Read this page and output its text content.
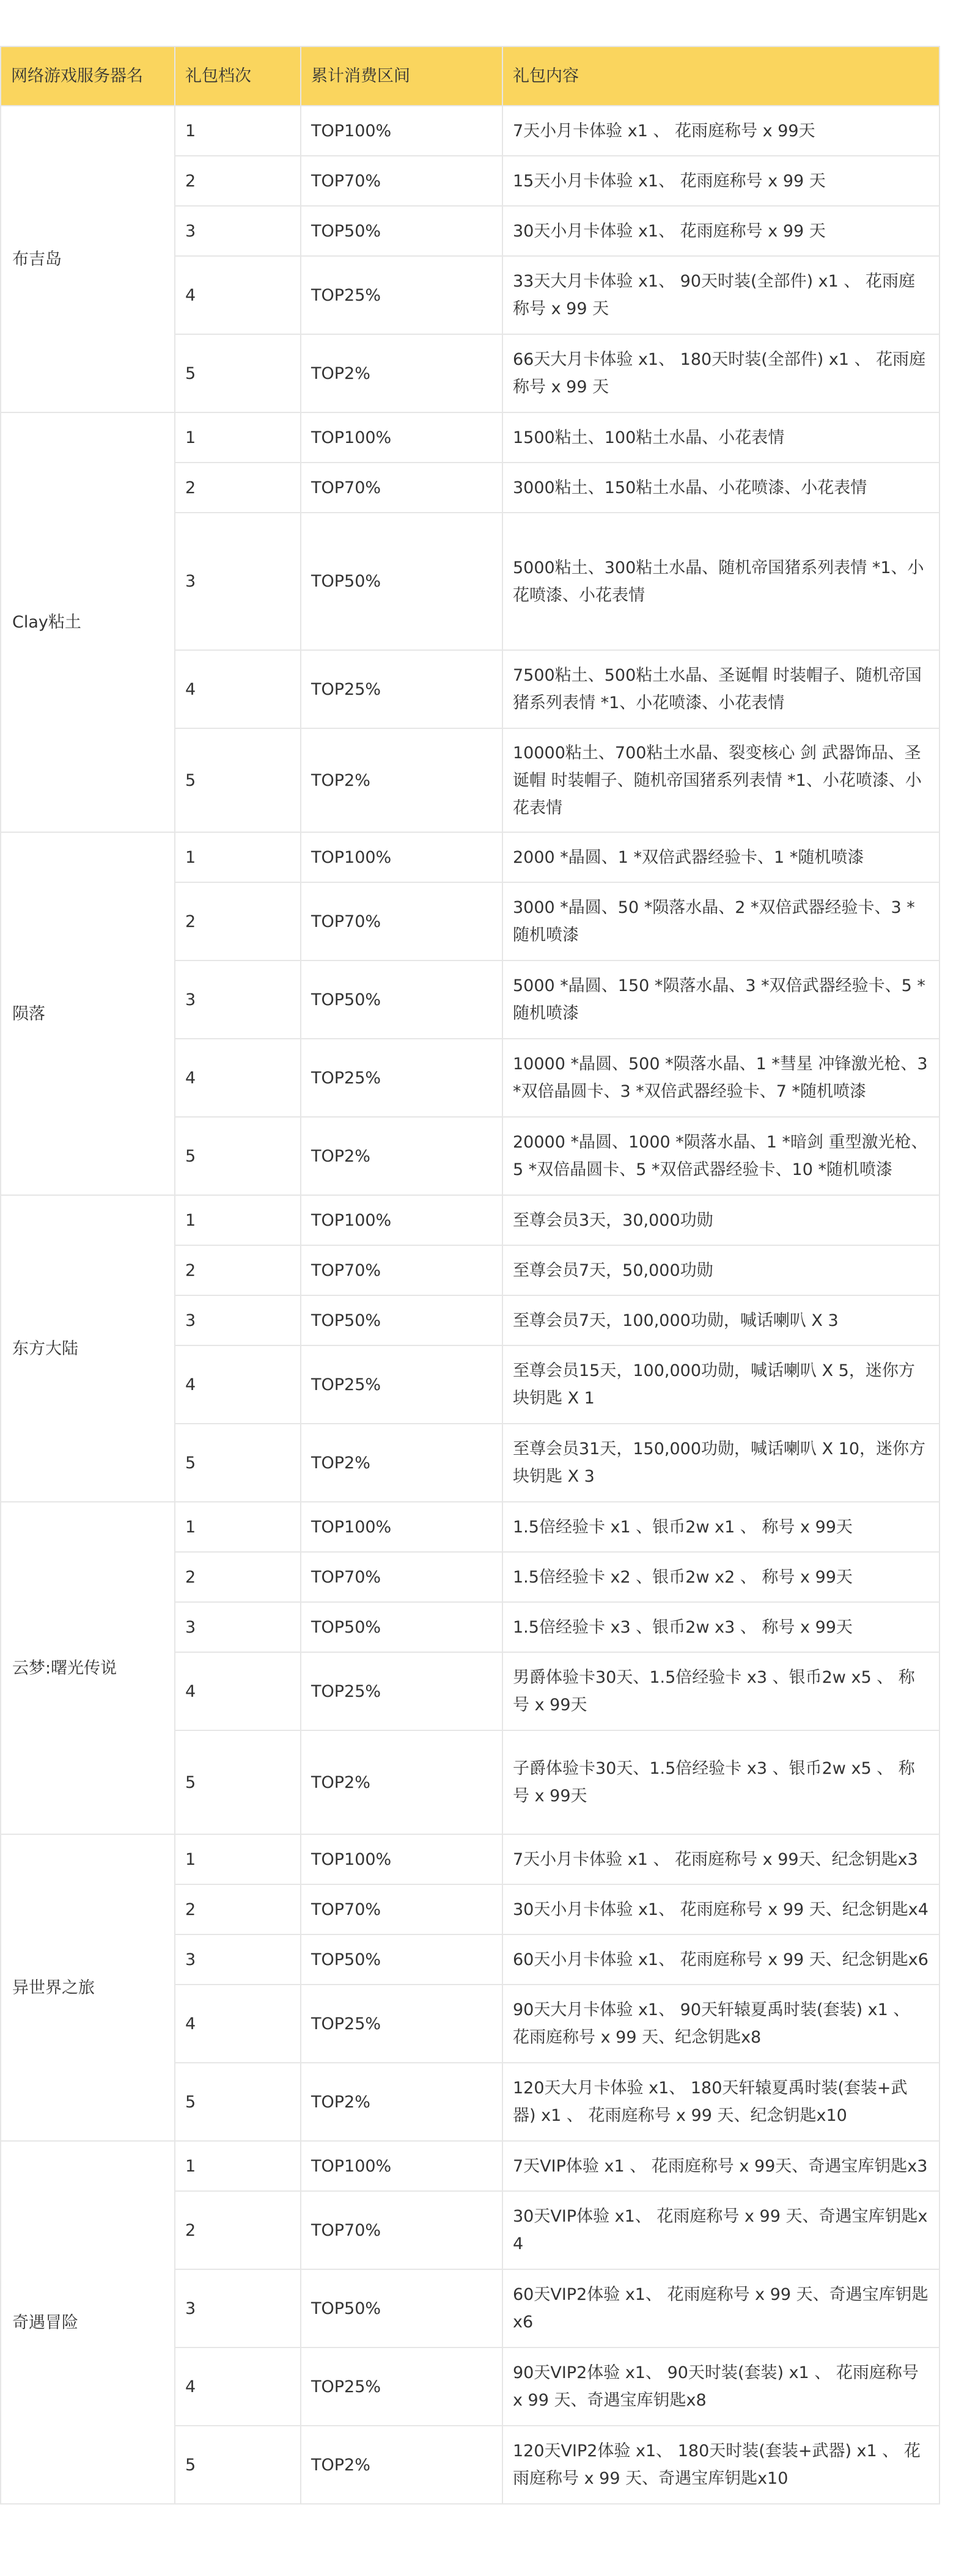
网络游戏服务器名	礼包档次	累计消费区间	礼包内容
布吉岛	1	TOP100%	7天小月卡体验 x1 、 花雨庭称号 x 99天
	2	TOP70%	15天小月卡体验 x1、 花雨庭称号 x 99 天
	3	TOP50%	30天小月卡体验 x1、 花雨庭称号 x 99 天
	4	TOP25%	33天大月卡体验 x1、 90天时装(全部件) x1 、 花雨庭称号 x 99 天
	5	TOP2%	66天大月卡体验 x1、 180天时装(全部件) x1 、 花雨庭称号 x 99 天
Clay粘土	1	TOP100%	1500粘土、100粘土水晶、小花表情
	2	TOP70%	3000粘土、150粘土水晶、小花喷漆、小花表情
	3	TOP50%	5000粘土、300粘土水晶、随机帝国猪系列表情 *1、小花喷漆、小花表情
	4	TOP25%	7500粘土、500粘土水晶、圣诞帽 时装帽子、随机帝国猪系列表情 *1、小花喷漆、小花表情
	5	TOP2%	10000粘土、700粘土水晶、裂变核心 剑 武器饰品、圣诞帽 时装帽子、随机帝国猪系列表情 *1、小花喷漆、小花表情
陨落	1	TOP100%	2000 *晶圆、1 *双倍武器经验卡、1 *随机喷漆
	2	TOP70%	3000 *晶圆、50 *陨落水晶、2 *双倍武器经验卡、3 *随机喷漆
	3	TOP50%	5000 *晶圆、150 *陨落水晶、3 *双倍武器经验卡、5 *随机喷漆
	4	TOP25%	10000 *晶圆、500 *陨落水晶、1 *彗星 冲锋激光枪、3 *双倍晶圆卡、3 *双倍武器经验卡、7 *随机喷漆
	5	TOP2%	20000 *晶圆、1000 *陨落水晶、1 *暗剑 重型激光枪、5 *双倍晶圆卡、5 *双倍武器经验卡、10 *随机喷漆
东方大陆	1	TOP100%	至尊会员3天，30,000功勋
	2	TOP70%	至尊会员7天，50,000功勋
	3	TOP50%	至尊会员7天，100,000功勋，喊话喇叭 X 3
	4	TOP25%	至尊会员15天，100,000功勋，喊话喇叭 X 5，迷你方块钥匙 X 1
	5	TOP2%	至尊会员31天，150,000功勋，喊话喇叭 X 10，迷你方块钥匙 X 3
云梦:曙光传说	1	TOP100%	1.5倍经验卡 x1 、银币2w x1 、 称号 x 99天
	2	TOP70%	1.5倍经验卡 x2 、银币2w x2 、 称号 x 99天
	3	TOP50%	1.5倍经验卡 x3 、银币2w x3 、 称号 x 99天
	4	TOP25%	男爵体验卡30天、1.5倍经验卡 x3 、银币2w x5 、 称号 x 99天
	5	TOP2%	子爵体验卡30天、1.5倍经验卡 x3 、银币2w x5 、 称号 x 99天
异世界之旅	1	TOP100%	7天小月卡体验 x1 、 花雨庭称号 x 99天、纪念钥匙x3
	2	TOP70%	30天小月卡体验 x1、 花雨庭称号 x 99 天、纪念钥匙x4
	3	TOP50%	60天小月卡体验 x1、 花雨庭称号 x 99 天、纪念钥匙x6
	4	TOP25%	90天大月卡体验 x1、 90天轩辕夏禹时装(套装) x1 、 花雨庭称号 x 99 天、纪念钥匙x8
	5	TOP2%	120天大月卡体验 x1、 180天轩辕夏禹时装(套装+武器) x1 、 花雨庭称号 x 99 天、纪念钥匙x10
奇遇冒险	1	TOP100%	7天VIP体验 x1 、 花雨庭称号 x 99天、奇遇宝库钥匙x3
	2	TOP70%	30天VIP体验 x1、 花雨庭称号 x 99 天、奇遇宝库钥匙x4
	3	TOP50%	60天VIP2体验 x1、 花雨庭称号 x 99 天、奇遇宝库钥匙x6
	4	TOP25%	90天VIP2体验 x1、 90天时装(套装) x1 、 花雨庭称号 x 99 天、奇遇宝库钥匙x8
	5	TOP2%	120天VIP2体验 x1、 180天时装(套装+武器) x1 、 花雨庭称号 x 99 天、奇遇宝库钥匙x10
